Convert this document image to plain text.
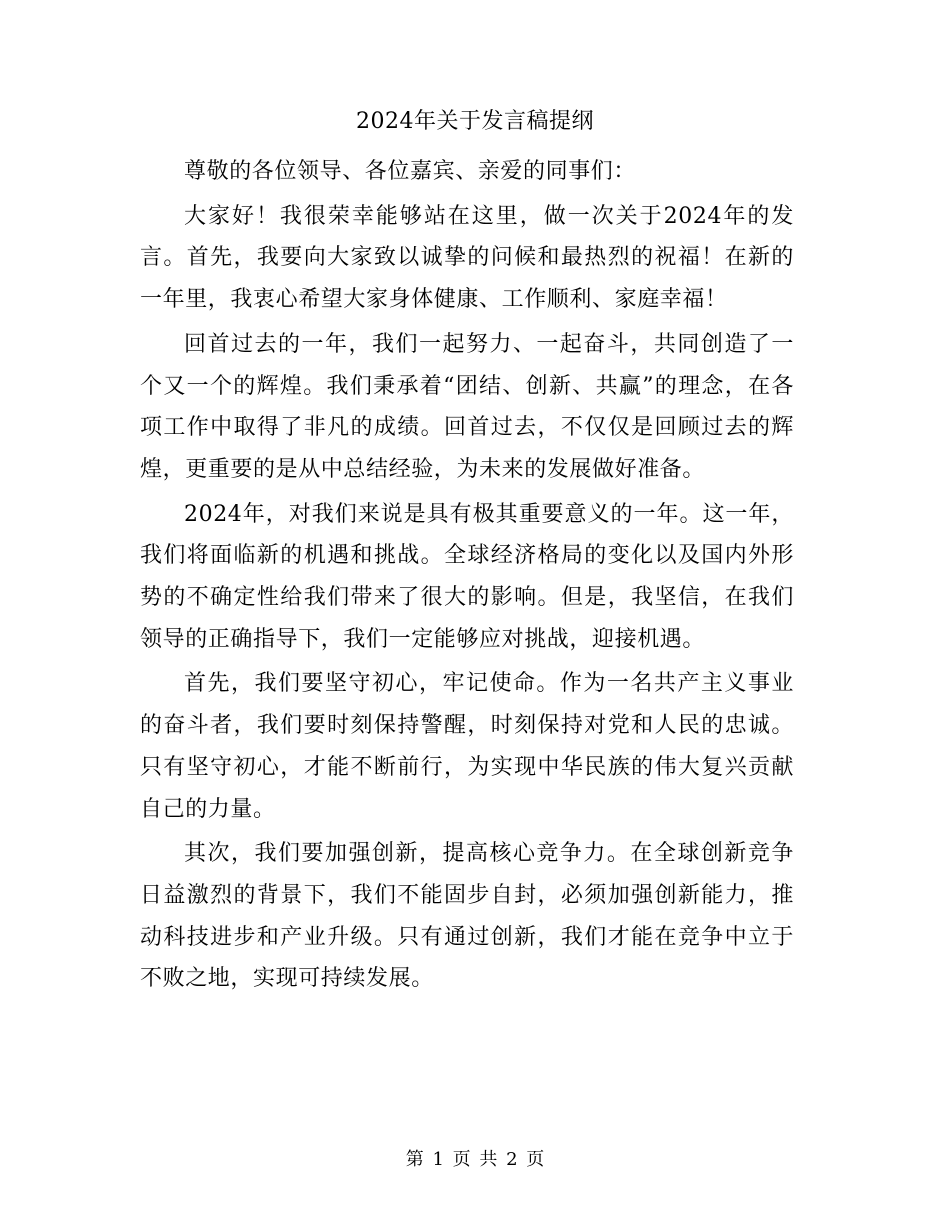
2024年关于发言稿提纲

尊敬的各位领导、各位嘉宾、亲爱的同事们：

大家好！我很荣幸能够站在这里，做一次关于2024年的发言。首先，我要向大家致以诚挚的问候和最热烈的祝福！在新的一年里，我衷心希望大家身体健康、工作顺利、家庭幸福！

回首过去的一年，我们一起努力、一起奋斗，共同创造了一个又一个的辉煌。我们秉承着“团结、创新、共赢”的理念，在各项工作中取得了非凡的成绩。回首过去，不仅仅是回顾过去的辉煌，更重要的是从中总结经验，为未来的发展做好准备。

2024年，对我们来说是具有极其重要意义的一年。这一年，我们将面临新的机遇和挑战。全球经济格局的变化以及国内外形势的不确定性给我们带来了很大的影响。但是，我坚信，在我们领导的正确指导下，我们一定能够应对挑战，迎接机遇。

首先，我们要坚守初心，牢记使命。作为一名共产主义事业的奋斗者，我们要时刻保持警醒，时刻保持对党和人民的忠诚。只有坚守初心，才能不断前行，为实现中华民族的伟大复兴贡献自己的力量。

其次，我们要加强创新，提高核心竞争力。在全球创新竞争日益激烈的背景下，我们不能固步自封，必须加强创新能力，推动科技进步和产业升级。只有通过创新，我们才能在竞争中立于不败之地，实现可持续发展。

第 1 页 共 2 页
